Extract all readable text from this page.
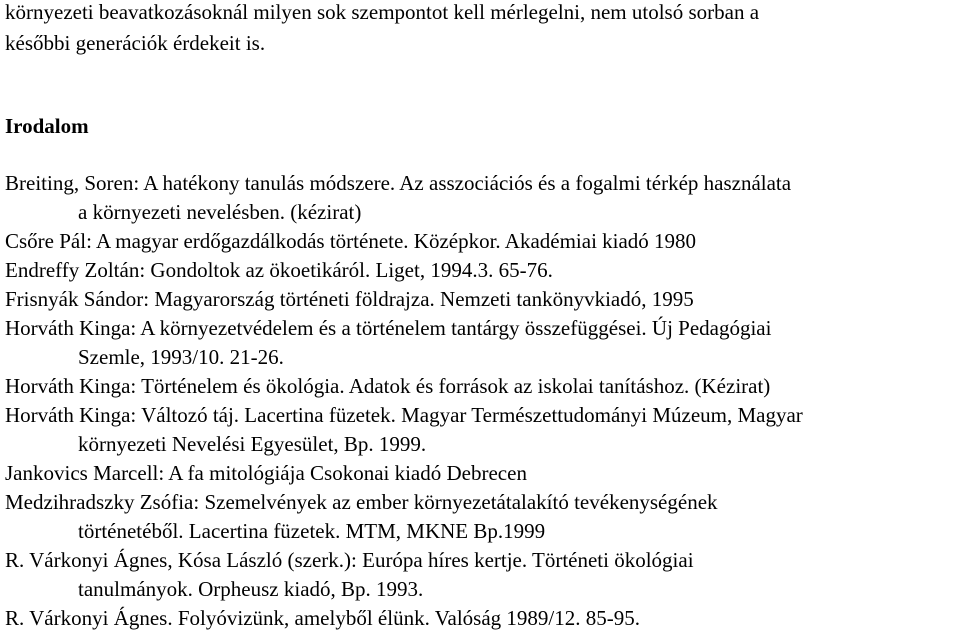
környezeti beavatkozásoknál milyen sok szempontot kell mérlegelni, nem utolsó sorban a
későbbi generációk érdekeit is.
Irodalom
Breiting, Soren: A hatékony tanulás módszere. Az asszociációs és a fogalmi térkép használata
a környezeti nevelésben. (kézirat)
Csőre Pál: A magyar erdőgazdálkodás története. Középkor. Akadémiai kiadó 1980
Endreffy Zoltán: Gondoltok az ökoetikáról. Liget, 1994.3. 65-76.
Frisnyák Sándor: Magyarország történeti földrajza. Nemzeti tankönyvkiadó, 1995
Horváth Kinga: A környezetvédelem és a történelem tantárgy összefüggései. Új Pedagógiai
Szemle, 1993/10. 21-26.
Horváth Kinga: Történelem és ökológia. Adatok és források az iskolai tanításhoz. (Kézirat)
Horváth Kinga: Változó táj. Lacertina füzetek. Magyar Természettudományi Múzeum, Magyar
környezeti Nevelési Egyesület, Bp. 1999.
Jankovics Marcell: A fa mitológiája Csokonai kiadó Debrecen
Medzihradszky Zsófia: Szemelvények az ember környezetátalakító tevékenységének
történetéből. Lacertina füzetek. MTM, MKNE Bp.1999
R. Várkonyi Ágnes, Kósa László (szerk.): Európa híres kertje. Történeti ökológiai
tanulmányok. Orpheusz kiadó, Bp. 1993.
R. Várkonyi Ágnes. Folyóvizünk, amelyből élünk. Valóság 1989/12. 85-95.
